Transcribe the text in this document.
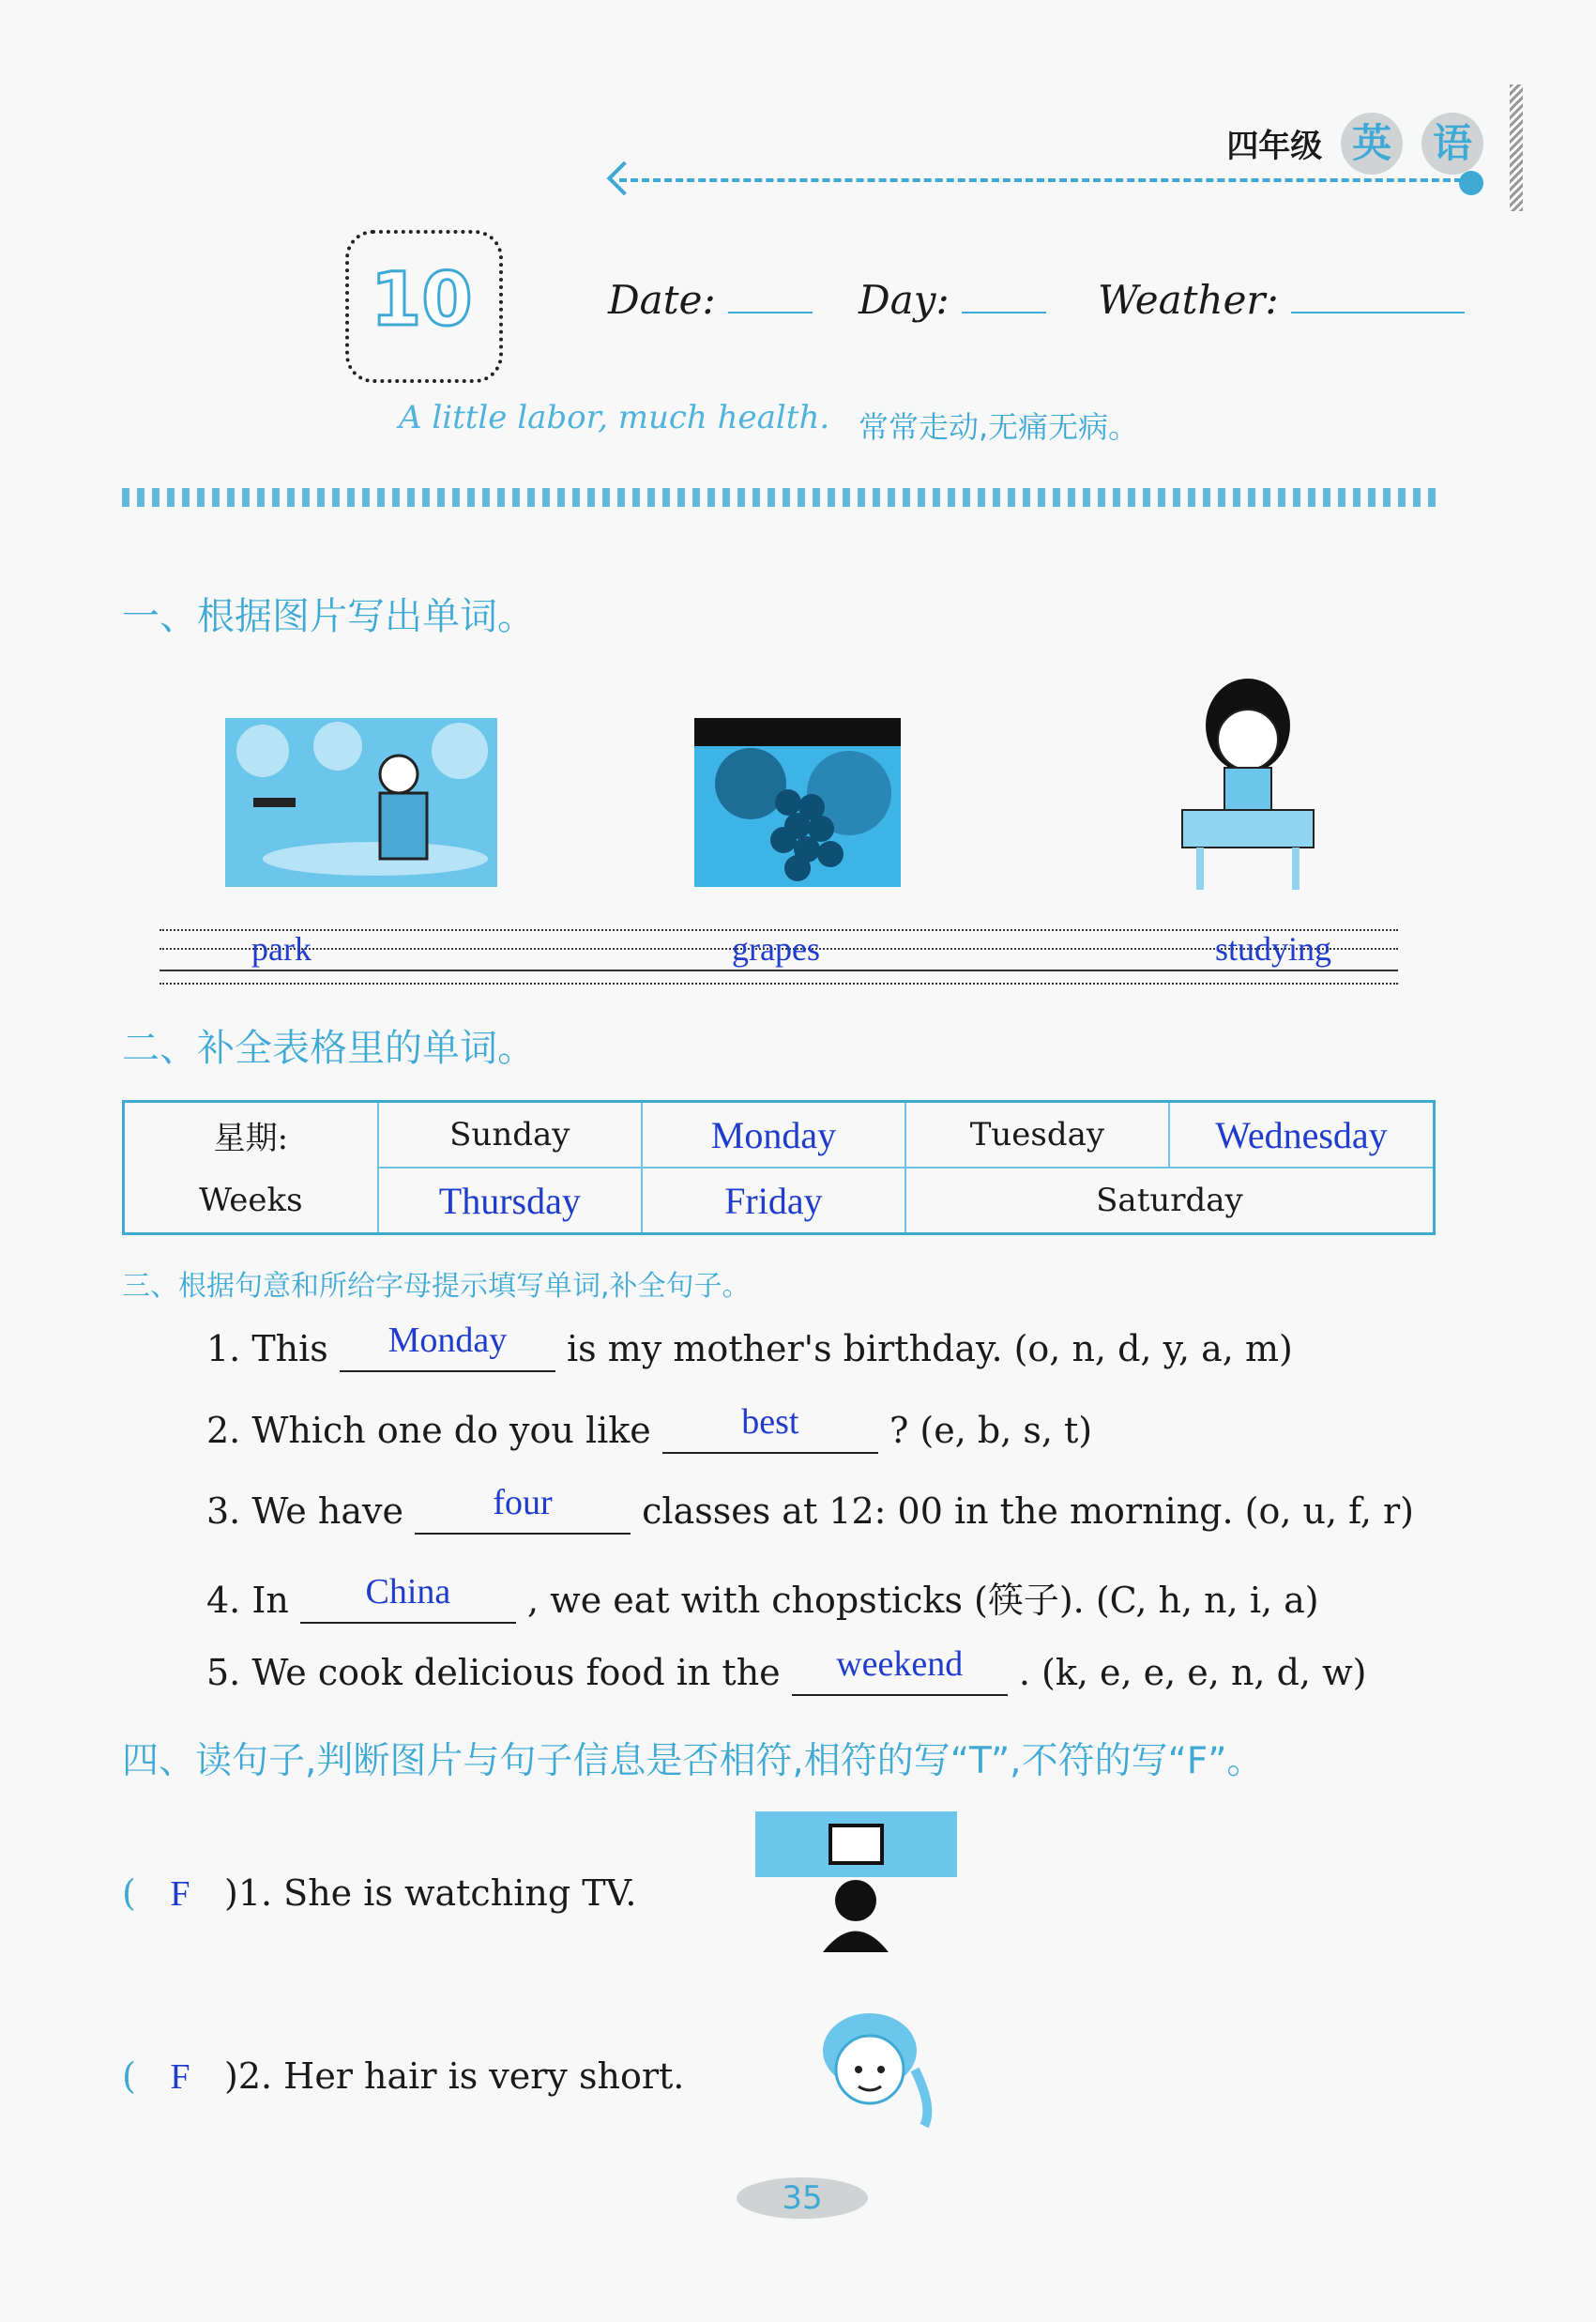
四年级 英 语
10	Date:	Day:	Weather:
A little labor, much health. 常常走动,无痛无病。
一、根据图片写出单词。
park	grapes	studying
二、补全表格里的单词。
星期:	Sunday	Monday	Tuesday	Wednesday
Weeks	Thursday	Friday	Saturday	
三、根据句意和所给字母提示填写单词,补全句子。
1. This Monday is my mother's birthday. (o, n, d, y, a, m)
2. Which one do you like	best	? (e, b, s, t)
3. We have	four	classes at 12: 00 in the morning. (o, u, f, r)
4. In China , we eat with chopsticks (筷子). (C, h, n, i, a)
5. We cook delicious food in the weekend . (k, e, e, e, n, d, w)
四、读句子,判断图片与句子信息是否相符,相符的写“T”,不符的写“F”。
( F )1. She is watching TV.
( F )2. Her hair is very short.
35
